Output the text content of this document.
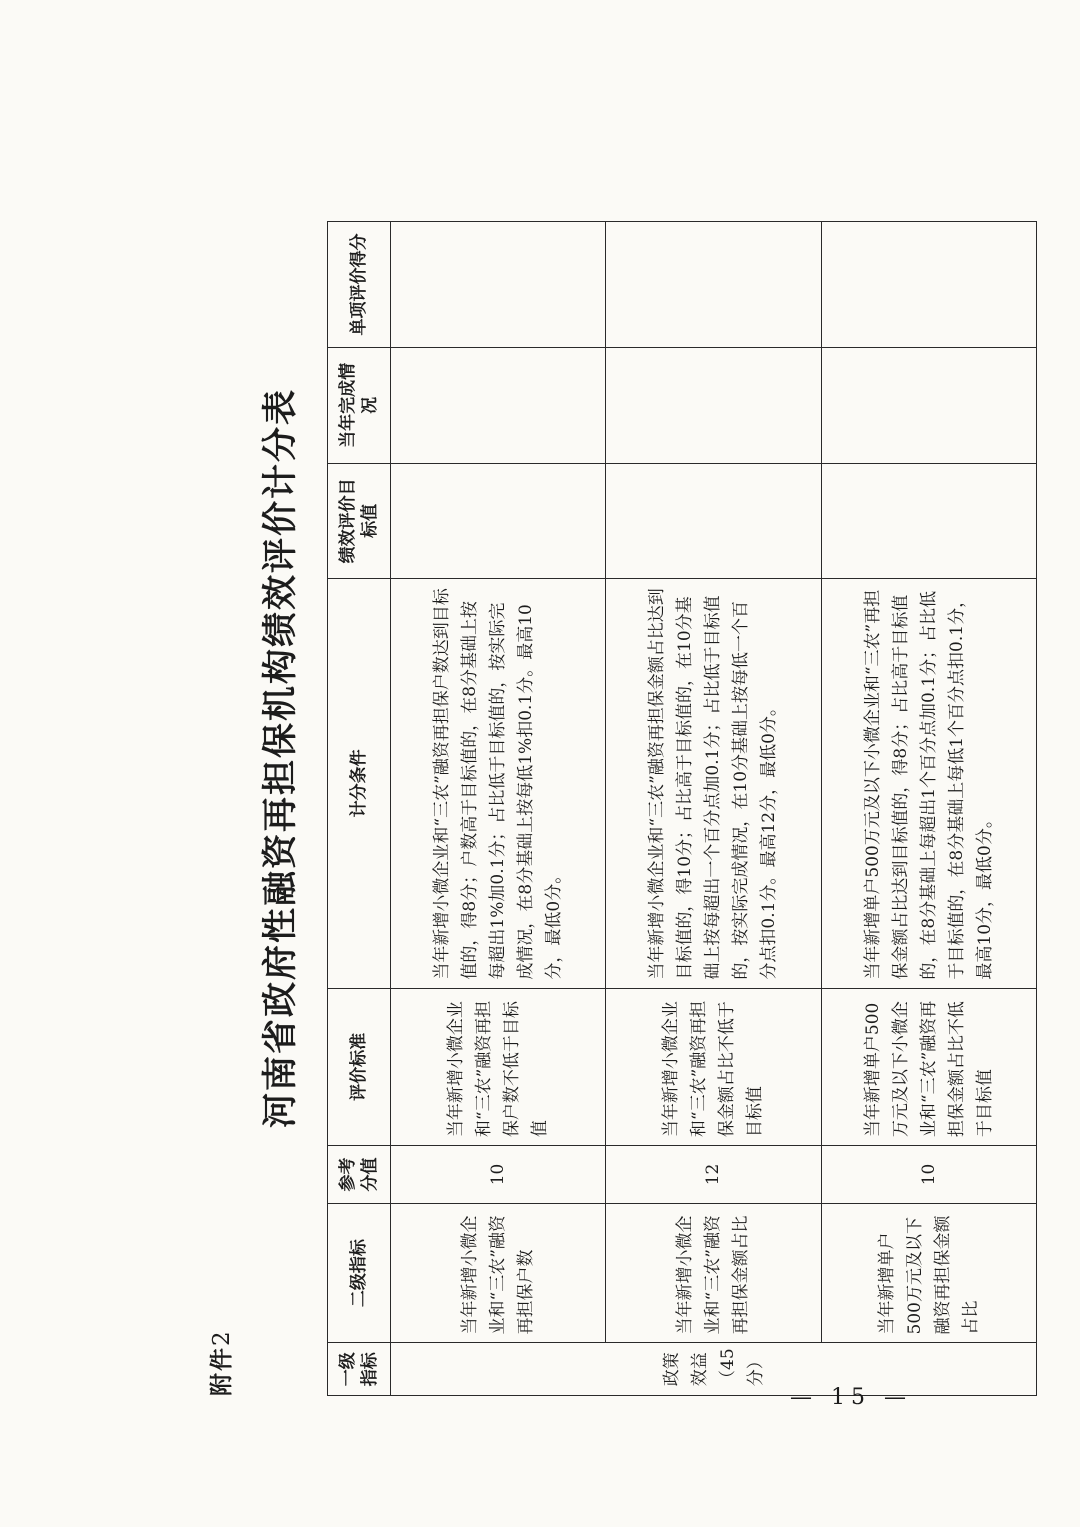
附件2
河南省政府性融资再担保机构绩效评价计分表
一级指标	二级指标	参考分值	评价标准	计分条件	绩效评价目标值	当年完成情况	单项评价得分
政策效益（45分）	当年新增小微企业和“三农”融资再担保户数	10	当年新增小微企业和“三农”融资再担保户数不低于目标值	当年新增小微企业和“三农”融资再担保户数达到目标值的，得8分；户数高于目标值的，在8分基础上按每超出1%加0.1分；占比低于目标值的，按实际完成情况，在8分基础上按每低1%扣0.1分。最高10分，最低0分。			
	当年新增小微企业和“三农”融资再担保金额占比	12	当年新增小微企业和“三农”融资再担保金额占比不低于目标值	当年新增小微企业和“三农”融资再担保金额占比达到目标值的，得10分；占比高于目标值的，在10分基础上按每超出一个百分点加0.1分；占比低于目标值的，按实际完成情况，在10分基础上按每低一个百分点扣0.1分。最高12分，最低0分。			
	当年新增单户500万元及以下融资再担保金额占比	10	当年新增单户500万元及以下小微企业和“三农”融资再担保金额占比不低于目标值	当年新增单户500万元及以下小微企业和“三农”再担保金额占比达到目标值的，得8分；占比高于目标值的，在8分基础上每超出1个百分点加0.1分；占比低于目标值的，在8分基础上每低1个百分点扣0.1分，最高10分，最低0分。			
— 15 —
